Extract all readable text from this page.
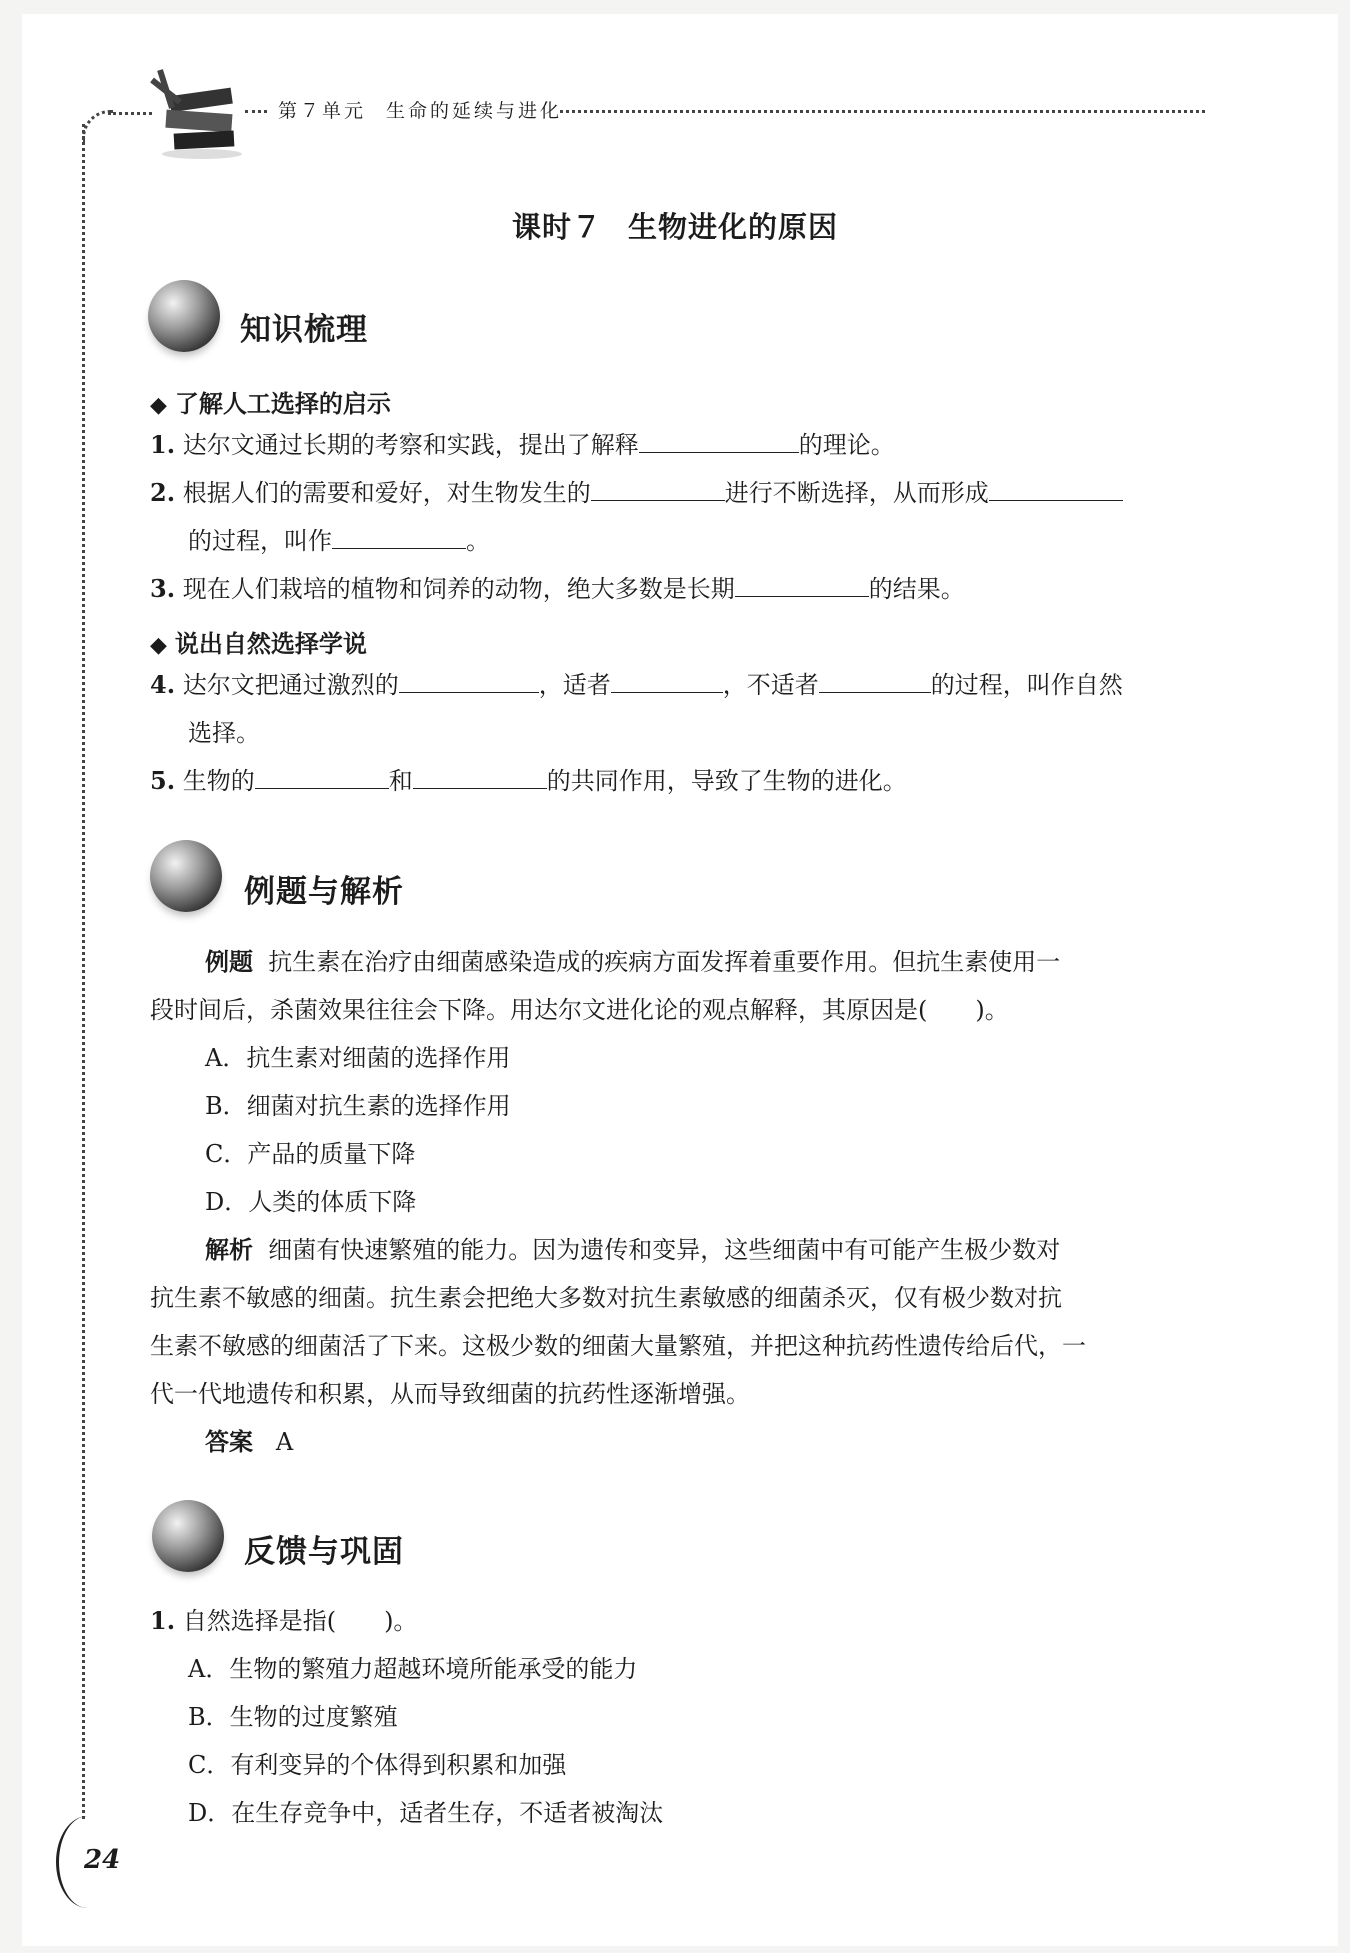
第７单元 生命的延续与进化
课时７ 生物进化的原因
知识梳理
◆ 了解人工选择的启示
1. 达尔文通过长期的考察和实践，提出了解释	的理论。
2. 根据人们的需要和爱好，对生物发生的	进行不断选择，从而形成
的过程，叫作	。
3. 现在人们栽培的植物和饲养的动物，绝大多数是长期	的结果。
◆ 说出自然选择学说
4. 达尔文把通过激烈的	，适者	，不适者	的过程，叫作自然
选择。
5. 生物的	和	的共同作用，导致了生物的进化。
例题与解析
例题 抗生素在治疗由细菌感染造成的疾病方面发挥着重要作用。但抗生素使用一
段时间后，杀菌效果往往会下降。用达尔文进化论的观点解释，其原因是(　　)。
A．抗生素对细菌的选择作用
B．细菌对抗生素的选择作用
C．产品的质量下降
D．人类的体质下降
解析 细菌有快速繁殖的能力。因为遗传和变异，这些细菌中有可能产生极少数对
抗生素不敏感的细菌。抗生素会把绝大多数对抗生素敏感的细菌杀灭，仅有极少数对抗
生素不敏感的细菌活了下来。这极少数的细菌大量繁殖，并把这种抗药性遗传给后代，一
代一代地遗传和积累，从而导致细菌的抗药性逐渐增强。
答案 A
反馈与巩固
1. 自然选择是指(　　)。
A．生物的繁殖力超越环境所能承受的能力
B．生物的过度繁殖
C．有利变异的个体得到积累和加强
D．在生存竞争中，适者生存，不适者被淘汰
24
